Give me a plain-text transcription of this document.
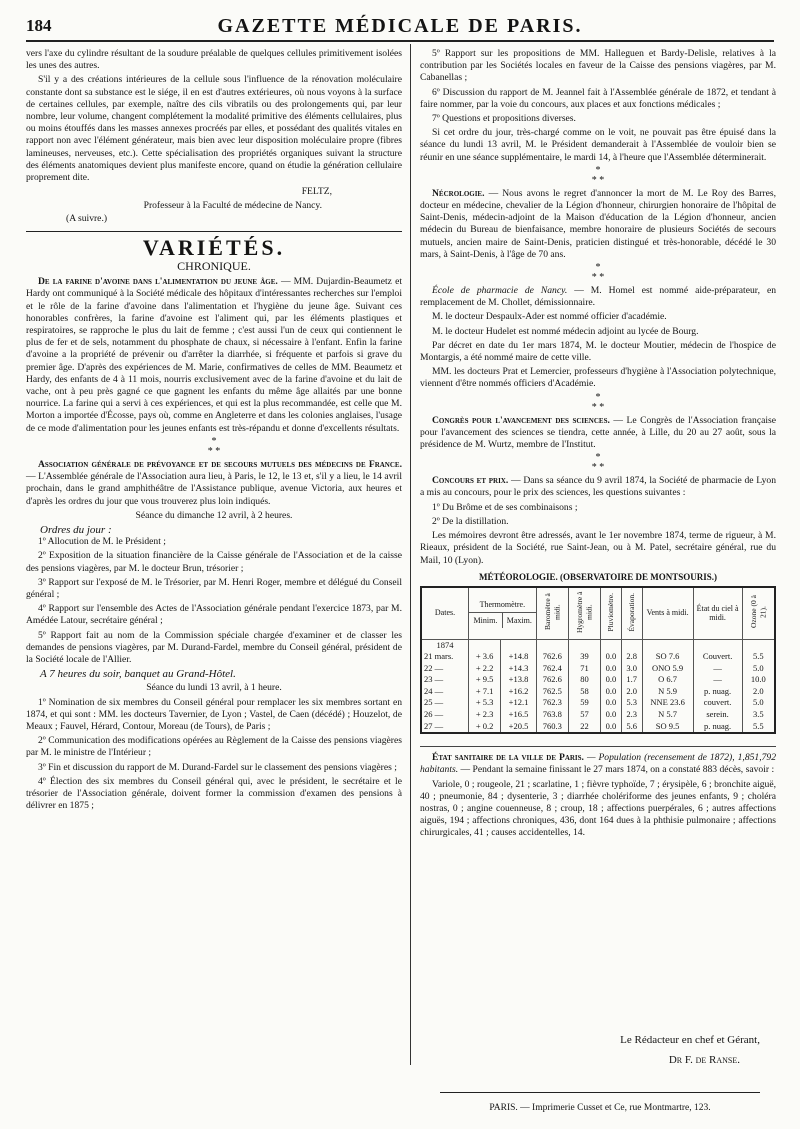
184	GAZETTE MÉDICALE DE PARIS.

vers l'axe du cylindre résultant de la soudure préalable de quelques cellules primitivement isolées les unes des autres.

S'il y a des créations intérieures de la cellule sous l'influence de la rénovation moléculaire constante dont sa substance est le siége, il en est d'autres extérieures, où nous voyons à la surface de certaines cellules, par exemple, naître des cils vibratils ou des prolongements qui, par leur nombre, leur volume, changent complétement la modalité primitive des éléments cellulaires, plus ou moins étouffés dans les masses annexes procréés par elles, et possédant des qualités vitales en rapport non avec l'élément générateur, mais bien avec leur disposition moléculaire propre (fibres lamineuses, nerveuses, etc.). Cette spécialisation des propriétés organiques suivant la structure des éléments anatomiques devient plus manifeste encore, quand on étudie la génération cellulaire proprement dite.

FELTZ,
Professeur à la Faculté de médecine de Nancy.
(A suivre.)
VARIÉTÉS.
CHRONIQUE.

De la farine d'avoine dans l'alimentation du jeune âge. — MM. Dujardin-Beaumetz et Hardy ont communiqué à la Société médicale des hôpitaux d'intéressantes recherches sur l'emploi et le rôle de la farine d'avoine dans l'alimentation et l'hygiène du jeune âge. Suivant ces honorables confrères, la farine d'avoine est l'aliment qui, par les éléments plastiques et respiratoires, se rapproche le plus du lait de femme ; c'est aussi l'un de ceux qui contiennent le plus de fer et de sels, notamment du phosphate de chaux, si nécessaire à l'enfant. Enfin la farine d'avoine a la propriété de prévenir ou d'arrêter la diarrhée, si fréquente et parfois si grave du premier âge. D'après des expériences de M. Marie, confirmatives de celles de MM. Beaumetz et Hardy, des enfants de 4 à 11 mois, nourris exclusivement avec de la farine d'avoine et du lait de vache, ont à peu près gagné ce que gagnent les enfants du même âge allaités par une bonne nourrice. La farine qui a servi à ces expériences, et qui est la plus recommandée, est celle que M. Morton a importée d'Écosse, pays où, comme en Angleterre et dans les colonies anglaises, l'usage de ce mode d'alimentation pour les jeunes enfants est très-répandu et donne d'excellents résultats.

*
* *

Association générale de prévoyance et de secours mutuels des médecins de France. — L'Assemblée générale de l'Association aura lieu, à Paris, le 12, le 13 et, s'il y a lieu, le 14 avril prochain, dans le grand amphithéâtre de l'Assistance publique, avenue Victoria, aux heures et d'après les ordres du jour que vous trouverez plus loin indiqués.

Séance du dimanche 12 avril, à 2 heures.
Ordres du jour :

1º Allocution de M. le Président ;

2º Exposition de la situation financière de la Caisse générale de l'Association et de la caisse des pensions viagères, par M. le docteur Brun, trésorier ;

3º Rapport sur l'exposé de M. le Trésorier, par M. Henri Roger, membre et délégué du Conseil général ;

4º Rapport sur l'ensemble des Actes de l'Association générale pendant l'exercice 1873, par M. Amédée Latour, secrétaire général ;

5º Rapport fait au nom de la Commission spéciale chargée d'examiner et de classer les demandes de pensions viagères, par M. Durand-Fardel, membre du Conseil général, président de la Société locale de l'Allier.

A 7 heures du soir, banquet au Grand-Hôtel.
Séance du lundi 13 avril, à 1 heure.

1º Nomination de six membres du Conseil général pour remplacer les six membres sortant en 1874, et qui sont : MM. les docteurs Tavernier, de Lyon ; Vastel, de Caen (décédé) ; Houzelot, de Meaux ; Fauvel, Hérard, Contour, Moreau (de Tours), de Paris ;

2º Communication des modifications opérées au Règlement de la Caisse des pensions viagères par M. le ministre de l'Intérieur ;

3º Fin et discussion du rapport de M. Durand-Fardel sur le classement des pensions viagères ;

4º Élection des six membres du Conseil général qui, avec le président, le secrétaire et le trésorier de l'Association générale, doivent former la commission d'examen des pensions à délivrer en 1875 ;

5º Rapport sur les propositions de MM. Halleguen et Bardy-Delisle, relatives à la contribution par les Sociétés locales en faveur de la Caisse des pensions viagères, par M. Cabanellas ;

6º Discussion du rapport de M. Jeannel fait à l'Assemblée générale de 1872, et tendant à faire nommer, par la voie du concours, aux places et aux fonctions médicales ;

7º Questions et propositions diverses.

Si cet ordre du jour, très-chargé comme on le voit, ne pouvait pas être épuisé dans la séance du lundi 13 avril, M. le Président demanderait à l'Assemblée de vouloir bien se réunir en une séance supplémentaire, le mardi 14, à l'heure que l'Assemblée déterminerait.

*
* *

Nécrologie. — Nous avons le regret d'annoncer la mort de M. Le Roy des Barres, docteur en médecine, chevalier de la Légion d'honneur, chirurgien honoraire de l'hôpital de Saint-Denis, médecin-adjoint de la Maison d'éducation de la Légion d'honneur, ancien médecin du Bureau de bienfaisance, membre honoraire de plusieurs Sociétés de secours mutuels, ancien maire de Saint-Denis, praticien distingué et très-honorable, décédé le 30 mars, à Saint-Denis, à l'âge de 70 ans.

*
* *

École de pharmacie de Nancy. — M. Homel est nommé aide-préparateur, en remplacement de M. Chollet, démissionnaire.

M. le docteur Despaulx-Ader est nommé officier d'académie.

M. le docteur Hudelet est nommé médecin adjoint au lycée de Bourg.

Par décret en date du 1er mars 1874, M. le docteur Moutier, médecin de l'hospice de Montargis, a été nommé maire de cette ville.

MM. les docteurs Prat et Lemercier, professeurs d'hygiène à l'Association polytechnique, viennent d'être nommés officiers d'Académie.

*
* *

Congrès pour l'avancement des sciences. — Le Congrès de l'Association française pour l'avancement des sciences se tiendra, cette année, à Lille, du 20 au 27 août, sous la présidence de M. Wurtz, membre de l'Institut.

*
* *

Concours et prix. — Dans sa séance du 9 avril 1874, la Société de pharmacie de Lyon a mis au concours, pour le prix des sciences, les questions suivantes :

1º Du Brôme et de ses combinaisons ;

2º De la distillation.

Les mémoires devront être adressés, avant le 1er novembre 1874, terme de rigueur, à M. Rieaux, président de la Société, rue Saint-Jean, ou à M. Patel, secrétaire général, rue du Mail, 10 (Lyon).

MÉTÉOROLOGIE. (OBSERVATOIRE DE MONTSOURIS.)
Dates.	Thermomètre.
Minim. Maxim.		Baromètre à midi.	Hygromètre à midi.	Pluviomètre.	Évaporation.	Vents à midi.	État du ciel à midi.	Ozone (0 à 21).
1874									
21 mars.	+ 3.6	+14.8	762.6	39	0.0	2.8	SO 7.6	Couvert.	5.5
22 —	+ 2.2	+14.3	762.4	71	0.0	3.0	ONO 5.9	—	5.0
23 —	+ 9.5	+13.8	762.6	80	0.0	1.7	O 6.7	—	10.0
24 —	+ 7.1	+16.2	762.5	58	0.0	2.0	N 5.9	p. nuag.	2.0
25 —	+ 5.3	+12.1	762.3	59	0.0	5.3	NNE 23.6	couvert.	5.0
26 —	+ 2.3	+16.5	763.8	57	0.0	2.3	N 5.7	serein.	3.5
27 —	+ 0.2	+20.5	760.3	22	0.0	5.6	SO 9.5	p. nuag.	5.5

État sanitaire de la ville de Paris. — Population (recensement de 1872), 1,851,792 habitants. — Pendant la semaine finissant le 27 mars 1874, on a constaté 883 décès, savoir :

Variole, 0 ; rougeole, 21 ; scarlatine, 1 ; fièvre typhoïde, 7 ; érysipèle, 6 ; bronchite aiguë, 40 ; pneumonie, 84 ; dysenterie, 3 ; diarrhée cholériforme des jeunes enfants, 9 ; choléra nostras, 0 ; angine couenneuse, 8 ; croup, 18 ; affections puerpérales, 6 ; autres affections aiguës, 194 ; affections chroniques, 436, dont 164 dues à la phthisie pulmonaire ; affections chirurgicales, 41 ; causes accidentelles, 14.

Le Rédacteur en chef et Gérant,
Dr F. de Ranse.
PARIS. — Imprimerie Cusset et Ce, rue Montmartre, 123.
